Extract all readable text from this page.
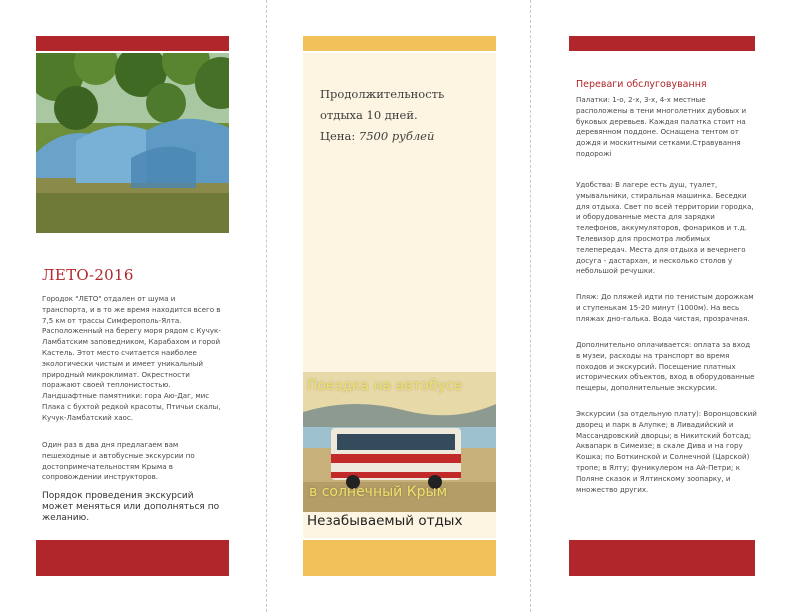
ЛЕТО-2016
Городок "ЛЕТО" отдален от шума и транспорта, и в то же время находится всего в 7,5 км от трассы Симферополь-Ялта. Расположенный на берегу моря рядом с Кучук-Ламбатским заповедником, Карабахом и горой Кастель. Этот место считается наиболее экологически чистым и имеет уникальный природный микроклимат. Окрестности поражают своей теплонистостью. Ландшафтные памятники: гора Аю-Даг, мис Плака с бухтой редкой красоты, Птичьи скалы, Кучук-Ламбатский хаос.
Один раз в два дня предлагаем вам пешеходные и автобусные экскурсии по достопримечательностям Крыма в сопровождении инструкторов.
Порядок проведения экскурсий может меняться или дополняться по желанию.
Продолжительность отдыха 10 дней.
Цена: 7500 рублей
Поездка на автобусе
в солнечный Крым
Незабываемый отдых
Переваги обслуговування
Палатки: 1-о, 2-х, 3-х, 4-х местные расположены в тени многолетних дубовых и буковых деревьев. Каждая палатка стоит на деревянном поддоне. Оснащена тентом от дождя и москитными сетками.Стравування подорожі
Удобства: В лагере есть душ, туалет, умывальники, стиральная машинка. Беседки для отдыха. Свет по всей территории городка, и оборудованные места для зарядки телефонов, аккумуляторов, фонариков и т.д. Телевизор для просмотра любимых телепередач. Места для отдыха и вечернего досуга - дастархан, и несколько столов у небольшой речушки.
Пляж: До пляжей идти по тенистым дорожкам и ступенькам 15-20 минут (1000м). На весь пляжах дно-галька. Вода чистая, прозрачная.
Дополнительно оплачивается: оплата за вход в музеи, расходы на транспорт во время походов и экскурсий. Посещение платных исторических объектов, вход в оборудованные пещеры, дополнительные экскурсии.
Экскурсии (за отдельную плату): Воронцовский дворец и парк в Алупке; в Ливадийский и Массандровский дворцы; в Никитский ботсад; Аквапарк в Симеизе; в скале Дива и на гору Кошка; по Боткинской и Солнечной (Царской) тропе; в Ялту; фуникулером на Ай-Петри; к Поляне сказок и Ялтинскому зоопарку, и множество других.
